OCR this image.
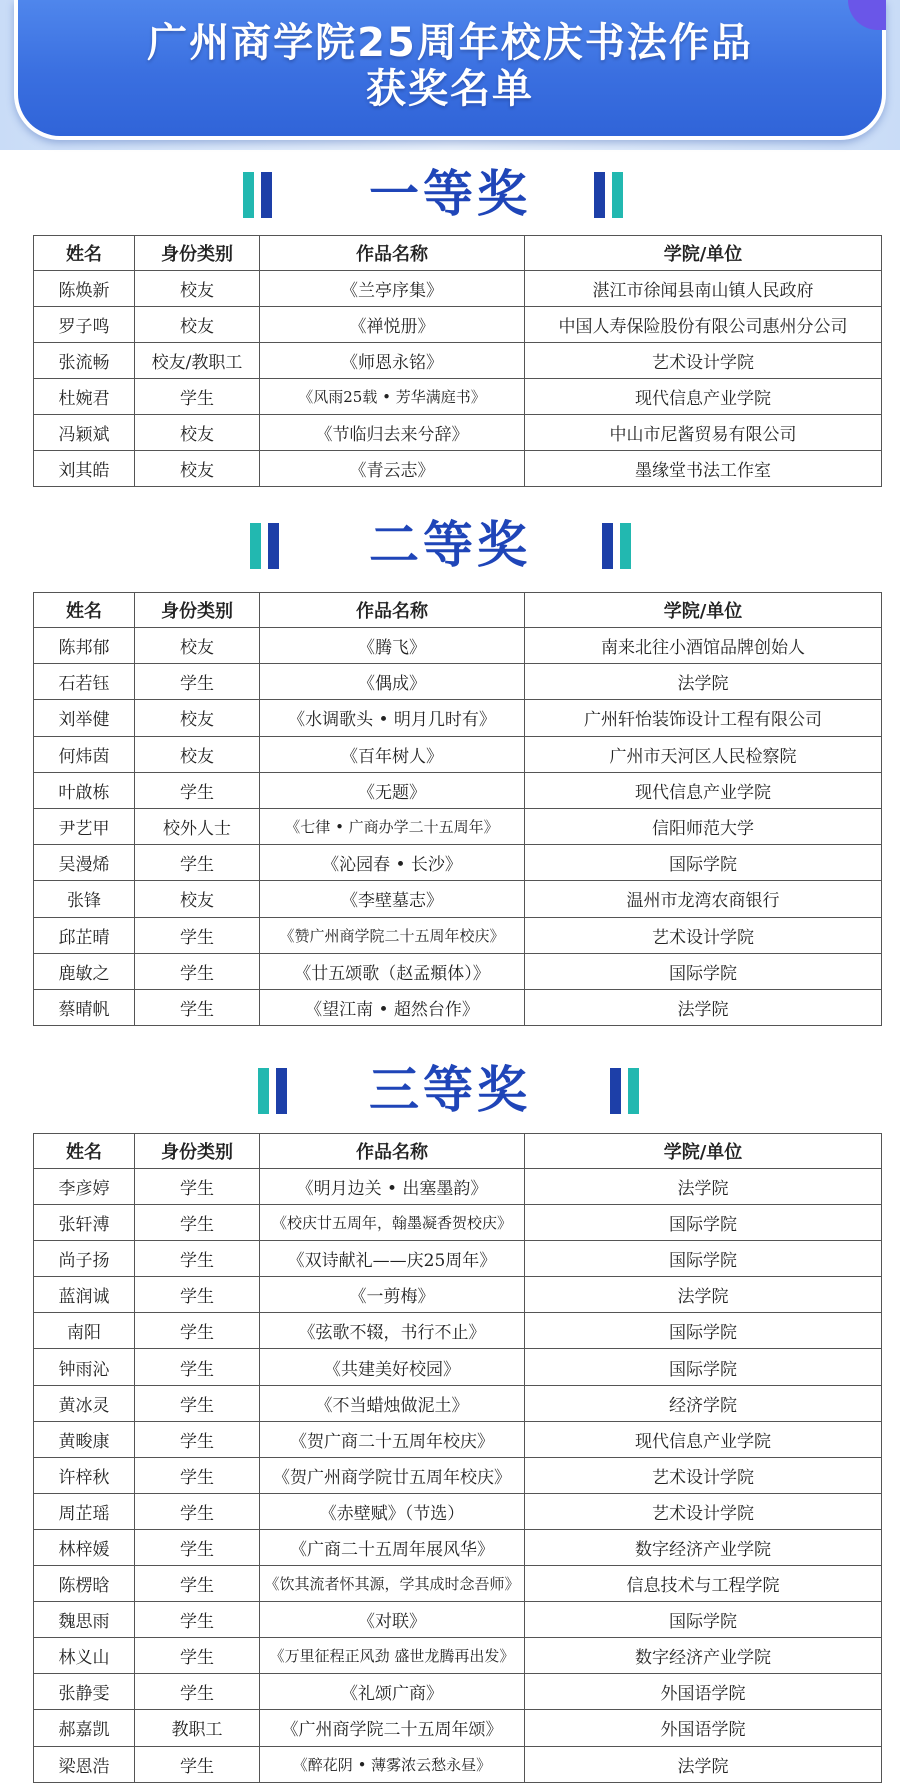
广州商学院25周年校庆书法作品
获奖名单
一等奖
姓名	身份类别	作品名称	学院/单位
陈焕新	校友	《兰亭序集》	湛江市徐闻县南山镇人民政府
罗子鸣	校友	《禅悦册》	中国人寿保险股份有限公司惠州分公司
张流畅	校友/教职工	《师恩永铭》	艺术设计学院
杜婉君	学生	《风雨25载 • 芳华满庭书》	现代信息产业学院
冯颖斌	校友	《节临归去来兮辞》	中山市尼酱贸易有限公司
刘其皓	校友	《青云志》	墨缘堂书法工作室
二等奖
姓名	身份类别	作品名称	学院/单位
陈邦郁	校友	《腾飞》	南来北往小酒馆品牌创始人
石若钰	学生	《偶成》	法学院
刘举健	校友	《水调歌头 • 明月几时有》	广州轩怡装饰设计工程有限公司
何炜茵	校友	《百年树人》	广州市天河区人民检察院
叶啟栋	学生	《无题》	现代信息产业学院
尹艺甲	校外人士	《七律 • 广商办学二十五周年》	信阳师范大学
吴漫烯	学生	《沁园春 • 长沙》	国际学院
张锋	校友	《李壁墓志》	温州市龙湾农商银行
邱芷晴	学生	《赞广州商学院二十五周年校庆》	艺术设计学院
鹿敏之	学生	《廿五颂歌（赵孟頫体）》	国际学院
蔡晴帆	学生	《望江南 • 超然台作》	法学院
三等奖
姓名	身份类别	作品名称	学院/单位
李彦婷	学生	《明月边关 • 出塞墨韵》	法学院
张轩溥	学生	《校庆廿五周年，翰墨凝香贺校庆》	国际学院
尚子扬	学生	《双诗献礼——庆25周年》	国际学院
蓝润诚	学生	《一剪梅》	法学院
南阳	学生	《弦歌不辍，书行不止》	国际学院
钟雨沁	学生	《共建美好校园》	国际学院
黄冰灵	学生	《不当蜡烛做泥土》	经济学院
黄畯康	学生	《贺广商二十五周年校庆》	现代信息产业学院
许梓秋	学生	《贺广州商学院廿五周年校庆》	艺术设计学院
周芷瑶	学生	《赤壁赋》（节选）	艺术设计学院
林梓媛	学生	《广商二十五周年展风华》	数字经济产业学院
陈楞晗	学生	《饮其流者怀其源，学其成时念吾师》	信息技术与工程学院
魏思雨	学生	《对联》	国际学院
林义山	学生	《万里征程正风劲 盛世龙腾再出发》	数字经济产业学院
张静雯	学生	《礼颂广商》	外国语学院
郝嘉凯	教职工	《广州商学院二十五周年颂》	外国语学院
梁恩浩	学生	《醉花阴 • 薄雾浓云愁永昼》	法学院
